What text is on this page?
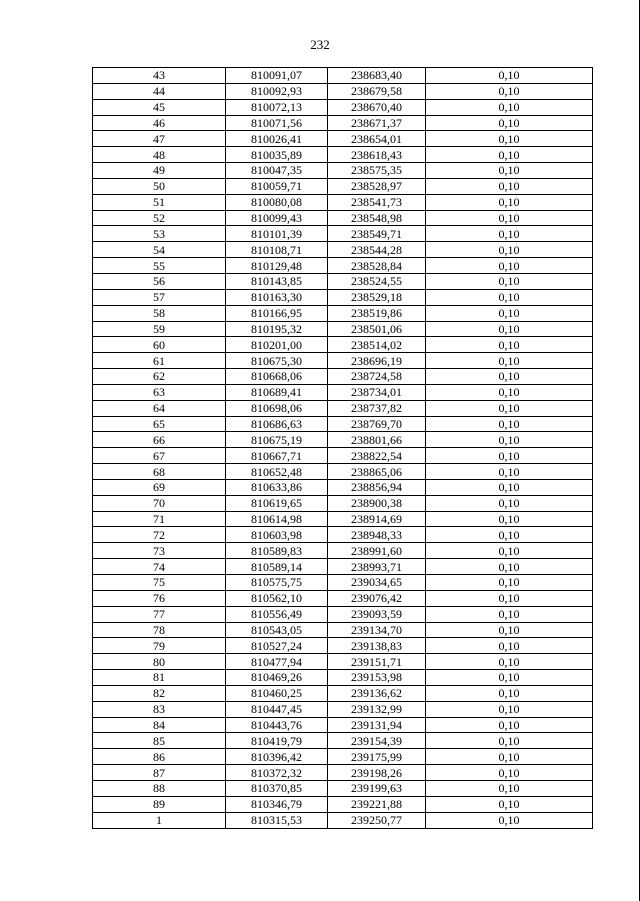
232
43	810091,07	238683,40	0,10
44	810092,93	238679,58	0,10
45	810072,13	238670,40	0,10
46	810071,56	238671,37	0,10
47	810026,41	238654,01	0,10
48	810035,89	238618,43	0,10
49	810047,35	238575,35	0,10
50	810059,71	238528,97	0,10
51	810080,08	238541,73	0,10
52	810099,43	238548,98	0,10
53	810101,39	238549,71	0,10
54	810108,71	238544,28	0,10
55	810129,48	238528,84	0,10
56	810143,85	238524,55	0,10
57	810163,30	238529,18	0,10
58	810166,95	238519,86	0,10
59	810195,32	238501,06	0,10
60	810201,00	238514,02	0,10
61	810675,30	238696,19	0,10
62	810668,06	238724,58	0,10
63	810689,41	238734,01	0,10
64	810698,06	238737,82	0,10
65	810686,63	238769,70	0,10
66	810675,19	238801,66	0,10
67	810667,71	238822,54	0,10
68	810652,48	238865,06	0,10
69	810633,86	238856,94	0,10
70	810619,65	238900,38	0,10
71	810614,98	238914,69	0,10
72	810603,98	238948,33	0,10
73	810589,83	238991,60	0,10
74	810589,14	238993,71	0,10
75	810575,75	239034,65	0,10
76	810562,10	239076,42	0,10
77	810556,49	239093,59	0,10
78	810543,05	239134,70	0,10
79	810527,24	239138,83	0,10
80	810477,94	239151,71	0,10
81	810469,26	239153,98	0,10
82	810460,25	239136,62	0,10
83	810447,45	239132,99	0,10
84	810443,76	239131,94	0,10
85	810419,79	239154,39	0,10
86	810396,42	239175,99	0,10
87	810372,32	239198,26	0,10
88	810370,85	239199,63	0,10
89	810346,79	239221,88	0,10
1	810315,53	239250,77	0,10
